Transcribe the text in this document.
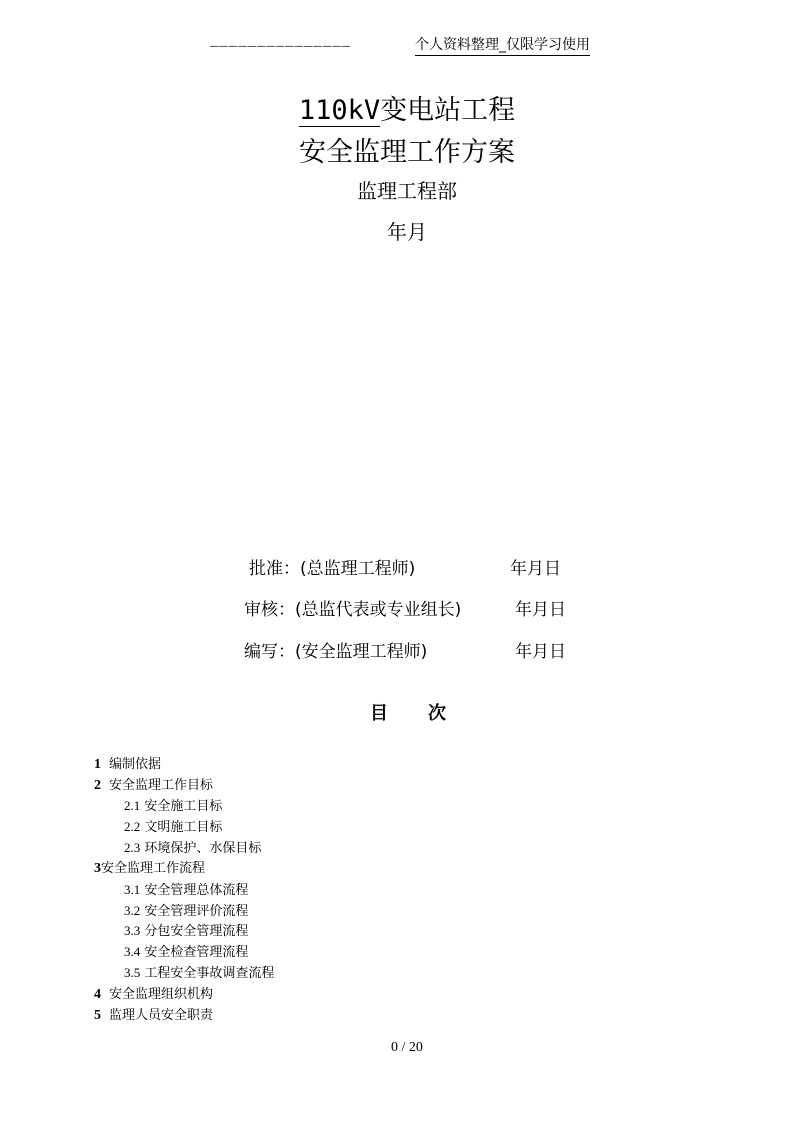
_______________	个人资料整理_仅限学习使用
110kV变电站工程
安全监理工作方案
监理工程部
年月
批准：(总监理工程师)	年月日
审核：(总监代表或专业组长)	年月日
编写：(安全监理工程师)	年月日
目次
1 编制依据
2 安全监理工作目标
2.1 安全施工目标
2.2 文明施工目标
2.3 环境保护、水保目标
3安全监理工作流程
3.1 安全管理总体流程
3.2 安全管理评价流程
3.3 分包安全管理流程
3.4 安全检查管理流程
3.5 工程安全事故调查流程
4 安全监理组织机构
5 监理人员安全职责
0 / 20
